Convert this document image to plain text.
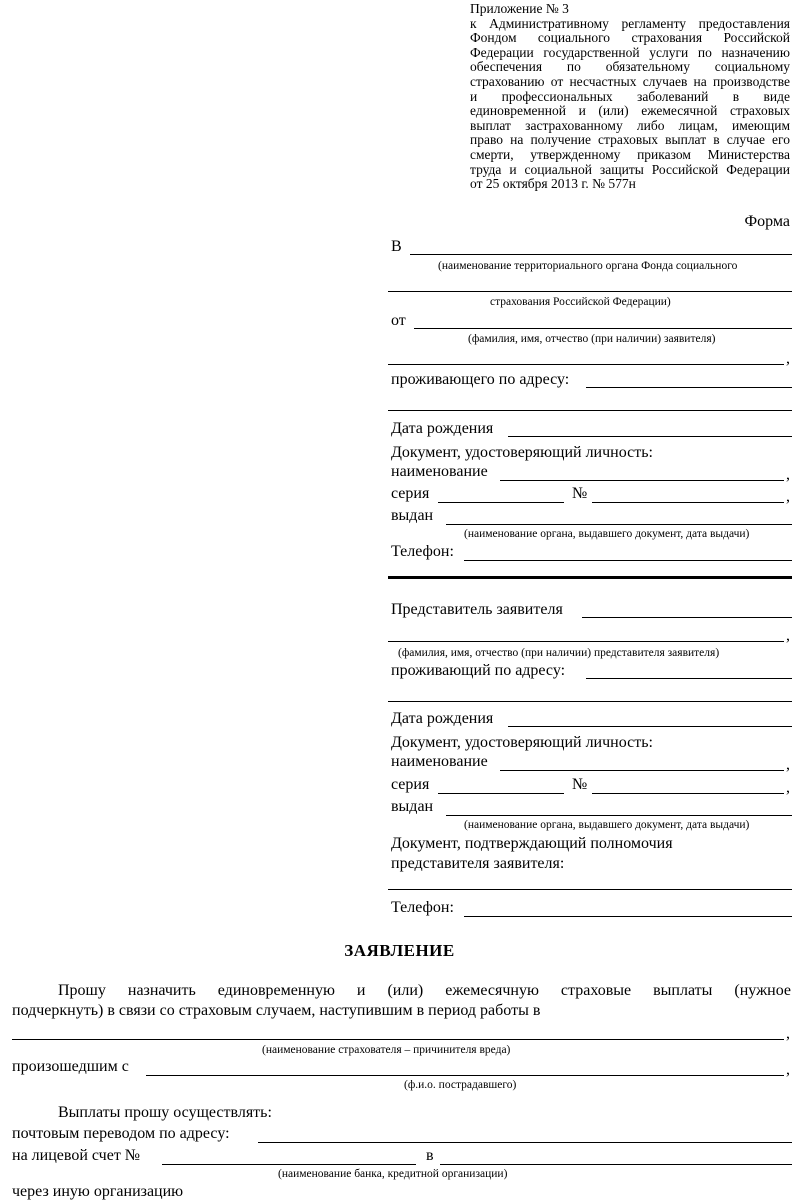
Приложение № 3
к Административному регламенту предоставления
Фондом социального страхования Российской
Федерации государственной услуги по назначению
обеспечения по обязательному социальному
страхованию от несчастных случаев на производстве
и профессиональных заболеваний в виде
единовременной и (или) ежемесячной страховых
выплат застрахованному либо лицам, имеющим
право на получение страховых выплат в случае его
смерти, утвержденному приказом Министерства
труда и социальной защиты Российской Федерации
от 25 октября 2013 г. № 577н
Форма
В
(наименование территориального органа Фонда социального
страхования Российской Федерации)
от
(фамилия, имя, отчество (при наличии) заявителя)
,
проживающего по адресу:
Дата рождения
Документ, удостоверяющий личность:
наименование	,
серия	№	,
выдан
(наименование органа, выдавшего документ, дата выдачи)
Телефон:
Представитель заявителя
,
(фамилия, имя, отчество (при наличии) представителя заявителя)
проживающий по адресу:
Дата рождения
Документ, удостоверяющий личность:
наименование	,
серия	№	,
выдан
(наименование органа, выдавшего документ, дата выдачи)
Документ, подтверждающий полномочия
представителя заявителя:
Телефон:
ЗАЯВЛЕНИЕ
Прошу назначить единовременную и (или) ежемесячную страховые выплаты (нужное
подчеркнуть) в связи со страховым случаем, наступившим в период работы в
,
(наименование страхователя – причинителя вреда)
произошедшим с	,
(ф.и.о. пострадавшего)
Выплаты прошу осуществлять:
почтовым переводом по адресу:
на лицевой счет №	в
(наименование банка, кредитной организации)
через иную организацию
